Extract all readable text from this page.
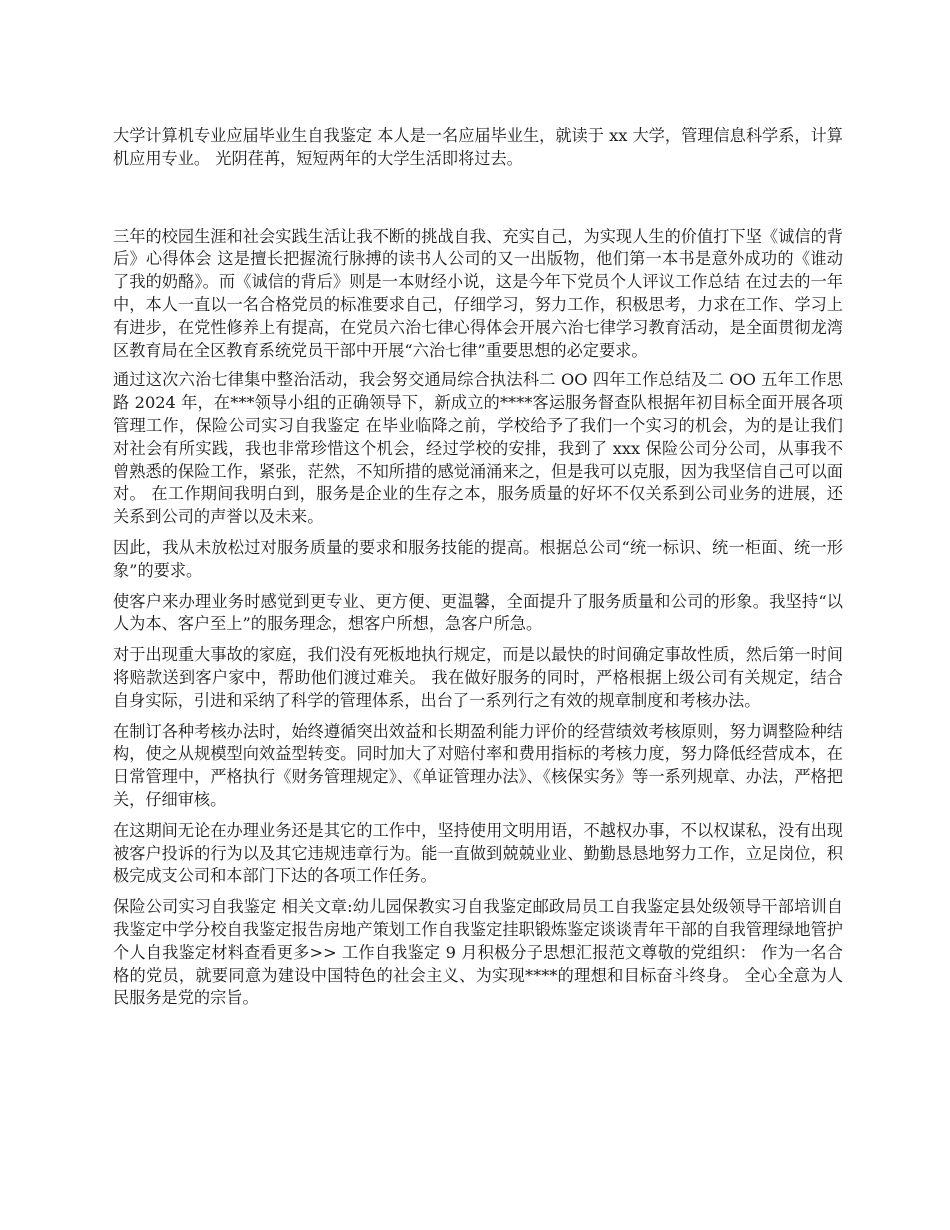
大学计算机专业应届毕业生自我鉴定 本人是一名应届毕业生，就读于 xx 大学，管理信息科学系，计算机应用专业。 光阴荏苒，短短两年的大学生活即将过去。

三年的校园生涯和社会实践生活让我不断的挑战自我、充实自己，为实现人生的价值打下坚《诚信的背后》心得体会 这是擅长把握流行脉搏的读书人公司的又一出版物，他们第一本书是意外成功的《谁动了我的奶酪》。而《诚信的背后》则是一本财经小说，这是今年下党员个人评议工作总结 在过去的一年中，本人一直以一名合格党员的标准要求自己，仔细学习，努力工作，积极思考，力求在工作、学习上有进步，在党性修养上有提高，在党员六治七律心得体会开展六治七律学习教育活动，是全面贯彻龙湾区教育局在全区教育系统党员干部中开展“六治七律”重要思想的必定要求。

通过这次六治七律集中整治活动，我会努交通局综合执法科二 OO 四年工作总结及二 OO 五年工作思路 2024 年，在***领导小组的正确领导下，新成立的****客运服务督查队根据年初目标全面开展各项管理工作，保险公司实习自我鉴定 在毕业临降之前，学校给予了我们一个实习的机会，为的是让我们对社会有所实践，我也非常珍惜这个机会，经过学校的安排，我到了 xxx 保险公司分公司，从事我不曾熟悉的保险工作，紧张，茫然，不知所措的感觉涌涌来之，但是我可以克服，因为我坚信自己可以面对。 在工作期间我明白到，服务是企业的生存之本，服务质量的好坏不仅关系到公司业务的进展，还关系到公司的声誉以及未来。

因此，我从未放松过对服务质量的要求和服务技能的提高。根据总公司“统一标识、统一柜面、统一形象”的要求。

使客户来办理业务时感觉到更专业、更方便、更温馨，全面提升了服务质量和公司的形象。我坚持“以人为本、客户至上”的服务理念，想客户所想，急客户所急。

对于出现重大事故的家庭，我们没有死板地执行规定，而是以最快的时间确定事故性质，然后第一时间将赔款送到客户家中，帮助他们渡过难关。 我在做好服务的同时，严格根据上级公司有关规定，结合自身实际，引进和采纳了科学的管理体系，出台了一系列行之有效的规章制度和考核办法。

在制订各种考核办法时，始终遵循突出效益和长期盈利能力评价的经营绩效考核原则，努力调整险种结构，使之从规模型向效益型转变。同时加大了对赔付率和费用指标的考核力度，努力降低经营成本，在日常管理中，严格执行《财务管理规定》、《单证管理办法》、《核保实务》等一系列规章、办法，严格把关，仔细审核。

在这期间无论在办理业务还是其它的工作中，坚持使用文明用语，不越权办事，不以权谋私，没有出现被客户投诉的行为以及其它违规违章行为。能一直做到兢兢业业、勤勤恳恳地努力工作，立足岗位，积极完成支公司和本部门下达的各项工作任务。

保险公司实习自我鉴定 相关文章:幼儿园保教实习自我鉴定邮政局员工自我鉴定县处级领导干部培训自我鉴定中学分校自我鉴定报告房地产策划工作自我鉴定挂职锻炼鉴定谈谈青年干部的自我管理绿地管护个人自我鉴定材料查看更多>> 工作自我鉴定 9 月积极分子思想汇报范文尊敬的党组织： 作为一名合格的党员，就要同意为建设中国特色的社会主义、为实现****的理想和目标奋斗终身。 全心全意为人民服务是党的宗旨。
